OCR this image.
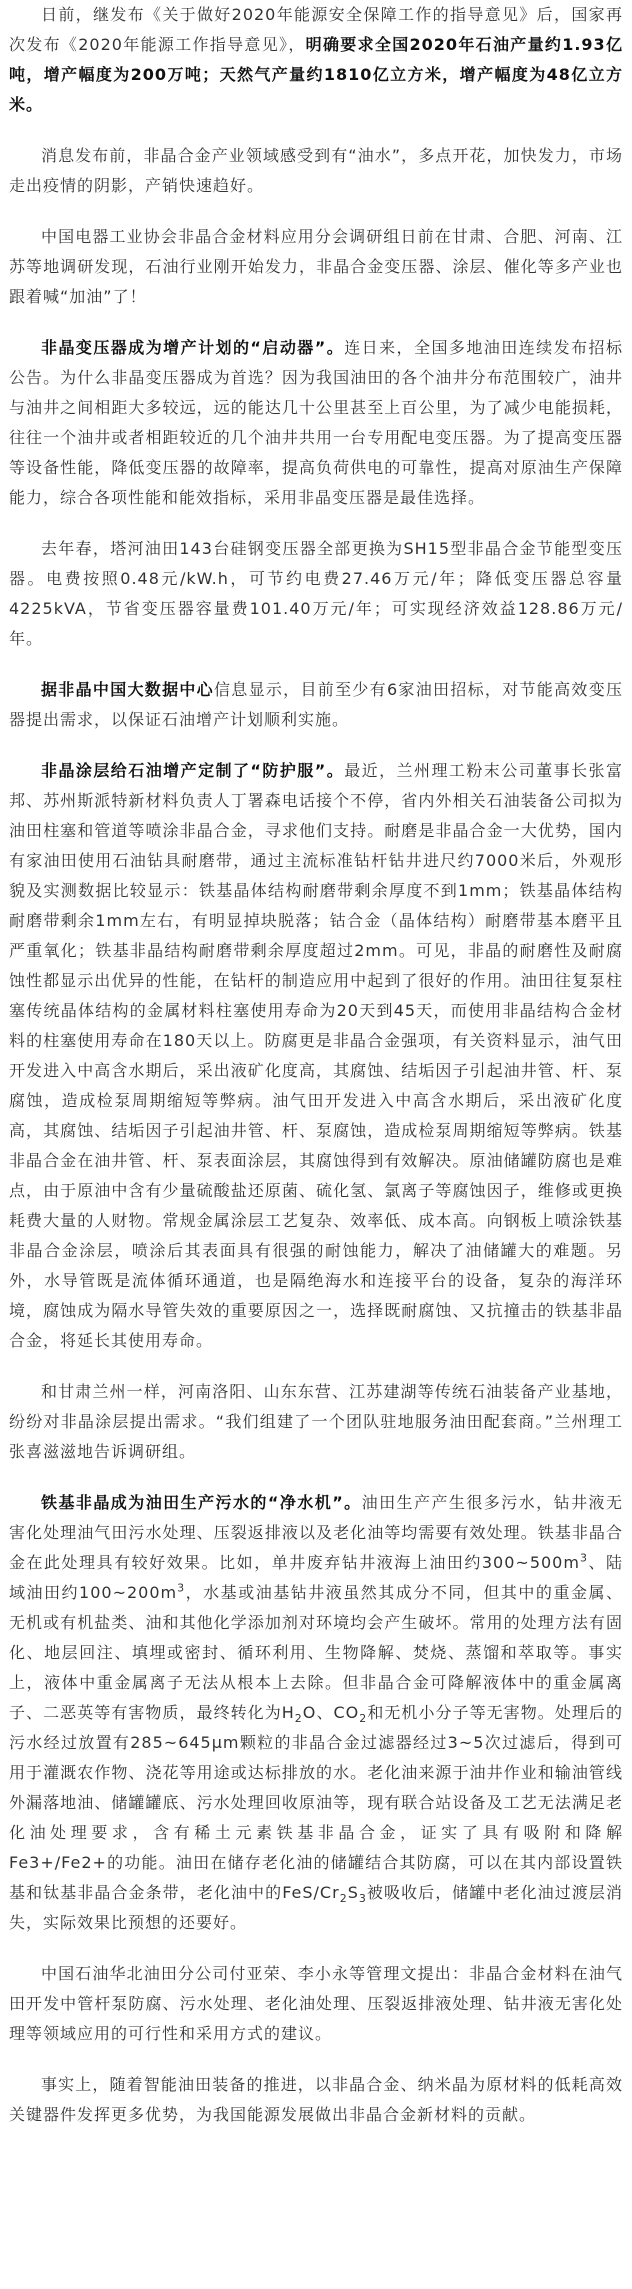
日前，继发布《关于做好2020年能源安全保障工作的指导意见》后，国家再次发布《2020年能源工作指导意见》，明确要求全国2020年石油产量约1.93亿吨，增产幅度为200万吨；天然气产量约1810亿立方米，增产幅度为48亿立方米。

消息发布前，非晶合金产业领域感受到有“油水”，多点开花，加快发力，市场走出疫情的阴影，产销快速趋好。

中国电器工业协会非晶合金材料应用分会调研组日前在甘肃、合肥、河南、江苏等地调研发现，石油行业刚开始发力，非晶合金变压器、涂层、催化等多产业也跟着喊“加油”了！

非晶变压器成为增产计划的“启动器”。连日来，全国多地油田连续发布招标公告。为什么非晶变压器成为首选？因为我国油田的各个油井分布范围较广，油井与油井之间相距大多较远，远的能达几十公里甚至上百公里，为了减少电能损耗，往往一个油井或者相距较近的几个油井共用一台专用配电变压器。为了提高变压器等设备性能，降低变压器的故障率，提高负荷供电的可靠性，提高对原油生产保障能力，综合各项性能和能效指标，采用非晶变压器是最佳选择。

去年春，塔河油田143台硅钢变压器全部更换为SH15型非晶合金节能型变压器。电费按照0.48元/kW.h，可节约电费27.46万元/年；降低变压器总容量4225kVA，节省变压器容量费101.40万元/年；可实现经济效益128.86万元/年。

据非晶中国大数据中心信息显示，目前至少有6家油田招标，对节能高效变压器提出需求，以保证石油增产计划顺利实施。

非晶涂层给石油增产定制了“防护服”。最近，兰州理工粉末公司董事长张富邦、苏州斯派特新材料负责人丁署森电话接个不停，省内外相关石油装备公司拟为油田柱塞和管道等喷涂非晶合金，寻求他们支持。耐磨是非晶合金一大优势，国内有家油田使用石油钻具耐磨带，通过主流标准钻杆钻井进尺约7000米后，外观形貌及实测数据比较显示：铁基晶体结构耐磨带剩余厚度不到1mm；铁基晶体结构耐磨带剩余1mm左右，有明显掉块脱落；钴合金（晶体结构）耐磨带基本磨平且严重氧化；铁基非晶结构耐磨带剩余厚度超过2mm。可见，非晶的耐磨性及耐腐蚀性都显示出优异的性能，在钻杆的制造应用中起到了很好的作用。油田往复泵柱塞传统晶体结构的金属材料柱塞使用寿命为20天到45天，而使用非晶结构合金材料的柱塞使用寿命在180天以上。防腐更是非晶合金强项，有关资料显示，油气田开发进入中高含水期后，采出液矿化度高，其腐蚀、结垢因子引起油井管、杆、泵腐蚀，造成检泵周期缩短等弊病。油气田开发进入中高含水期后，采出液矿化度高，其腐蚀、结垢因子引起油井管、杆、泵腐蚀，造成检泵周期缩短等弊病。铁基非晶合金在油井管、杆、泵表面涂层，其腐蚀得到有效解决。原油储罐防腐也是难点，由于原油中含有少量硫酸盐还原菌、硫化氢、氯离子等腐蚀因子，维修或更换耗费大量的人财物。常规金属涂层工艺复杂、效率低、成本高。向钢板上喷涂铁基非晶合金涂层，喷涂后其表面具有很强的耐蚀能力，解决了油储罐大的难题。另外，水导管既是流体循环通道，也是隔绝海水和连接平台的设备，复杂的海洋环境，腐蚀成为隔水导管失效的重要原因之一，选择既耐腐蚀、又抗撞击的铁基非晶合金，将延长其使用寿命。

和甘肃兰州一样，河南洛阳、山东东营、江苏建湖等传统石油装备产业基地，纷纷对非晶涂层提出需求。“我们组建了一个团队驻地服务油田配套商。”兰州理工张喜滋滋地告诉调研组。

铁基非晶成为油田生产污水的“净水机”。油田生产产生很多污水，钻井液无害化处理油气田污水处理、压裂返排液以及老化油等均需要有效处理。铁基非晶合金在此处理具有较好效果。比如，单井废弃钻井液海上油田约$300\sim 500m^3$、陆域油田约$100\sim 200m^3$，水基或油基钻井液虽然其成分不同，但其中的重金属、无机或有机盐类、油和其他化学添加剂对环境均会产生破坏。常用的处理方法有固化、地层回注、填埋或密封、循环利用、生物降解、焚烧、蒸馏和萃取等。事实上，液体中重金属离子无法从根本上去除。但非晶合金可降解液体中的重金属离子、二恶英等有害物质，最终转化为$H_2O$、$CO_2$和无机小分子等无害物。处理后的污水经过放置有285~645μm颗粒的非晶合金过滤器经过3~5次过滤后，得到可用于灌溉农作物、浇花等用途或达标排放的水。老化油来源于油井作业和输油管线外漏落地油、储罐罐底、污水处理回收原油等，现有联合站设备及工艺无法满足老化油处理要求，含有稀土元素铁基非晶合金，证实了具有吸附和降解Fe3+/Fe2+的功能。油田在储存老化油的储罐结合其防腐，可以在其内部设置铁基和钛基非晶合金条带，老化油中的FeS/$Cr_2S_3$被吸收后，储罐中老化油过渡层消失，实际效果比预想的还要好。

中国石油华北油田分公司付亚荣、李小永等管理文提出：非晶合金材料在油气田开发中管杆泵防腐、污水处理、老化油处理、压裂返排液处理、钻井液无害化处理等领域应用的可行性和采用方式的建议。

事实上，随着智能油田装备的推进，以非晶合金、纳米晶为原材料的低耗高效关键器件发挥更多优势，为我国能源发展做出非晶合金新材料的贡献。
